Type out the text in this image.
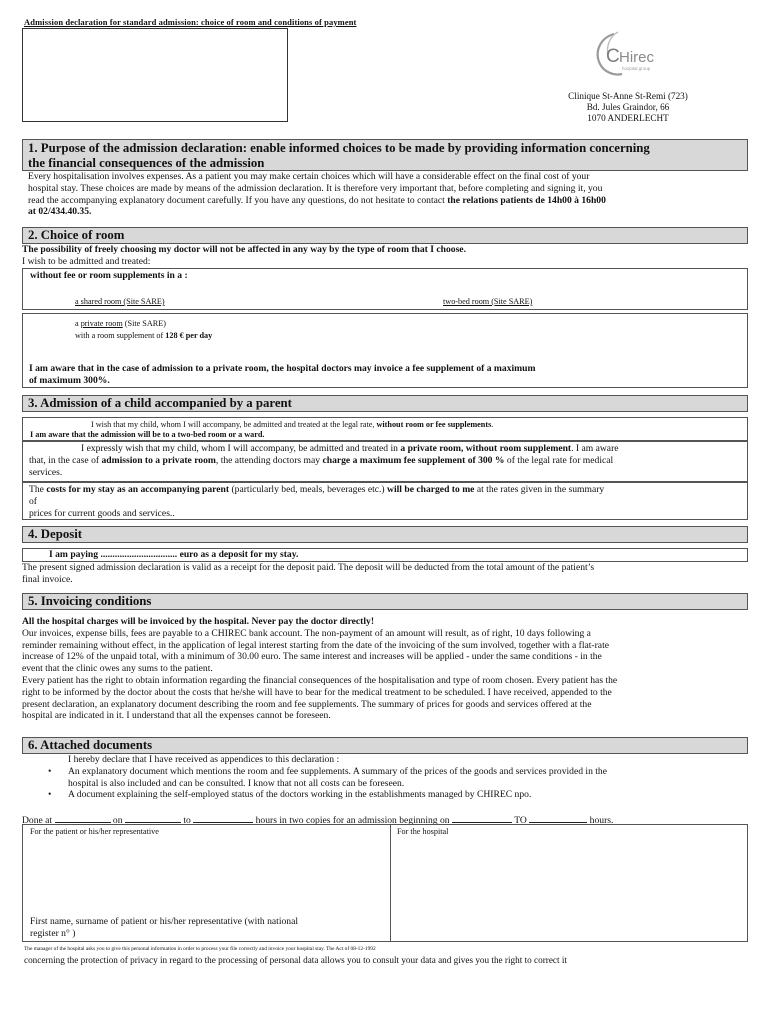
Admission declaration for standard admission: choice of room and conditions of payment
C Hirec
hospital group
Clinique St-Anne St-Remi (723)
Bd. Jules Graindor, 66
1070 ANDERLECHT
1. Purpose of the admission declaration: enable informed choices to be made by providing information concerning
the financial consequences of the admission
Every hospitalisation involves expenses. As a patient you may make certain choices which will have a considerable effect on the final cost of your
hospital stay. These choices are made by means of the admission declaration. It is therefore very important that, before completing and signing it, you
read the accompanying explanatory document carefully. If you have any questions, do not hesitate to contact the relations patients de 14h00 à 16h00
at 02/434.40.35.
2. Choice of room
The possibility of freely choosing my doctor will not be affected in any way by the type of room that I choose.
I wish to be admitted and treated:
without fee or room supplements in a :
a shared room (Site SARE)	two-bed room (Site SARE)
a private room (Site SARE)
with a room supplement of 128 € per day
I am aware that in the case of admission to a private room, the hospital doctors may invoice a fee supplement of a maximum
of maximum 300%.
3. Admission of a child accompanied by a parent
I wish that my child, whom I will accompany, be admitted and treated at the legal rate, without room or fee supplements.
I am aware that the admission will be to a two-bed room or a ward.
I expressly wish that my child, whom I will accompany, be admitted and treated in a private room, without room supplement. I am aware
that, in the case of admission to a private room, the attending doctors may charge a maximum fee supplement of 300 % of the legal rate for medical
services.
The costs for my stay as an accompanying parent (particularly bed, meals, beverages etc.) will be charged to me at the rates given in the summary
of
prices for current goods and services..
4. Deposit
I am paying ................................ euro as a deposit for my stay.
The present signed admission declaration is valid as a receipt for the deposit paid. The deposit will be deducted from the total amount of the patient’s
final invoice.
5. Invoicing conditions
All the hospital charges will be invoiced by the hospital. Never pay the doctor directly!
Our invoices, expense bills, fees are payable to a CHIREC bank account. The non-payment of an amount will result, as of right, 10 days following a
reminder remaining without effect, in the application of legal interest starting from the date of the invoicing of the sum involved, together with a flat-rate
increase of 12% of the unpaid total, with a minimum of 30.00 euro. The same interest and increases will be applied - under the same conditions - in the
event that the clinic owes any sums to the patient.
Every patient has the right to obtain information regarding the financial consequences of the hospitalisation and type of room chosen. Every patient has the
right to be informed by the doctor about the costs that he/she will have to bear for the medical treatment to be scheduled. I have received, appended to the
present declaration, an explanatory document describing the room and fee supplements. The summary of prices for goods and services offered at the
hospital are indicated in it. I understand that all the expenses cannot be foreseen.
6. Attached documents
I hereby declare that I have received as appendices to this declaration :
• An explanatory document which mentions the room and fee supplements. A summary of the prices of the goods and services provided in the
hospital is also included and can be consulted. I know that not all costs can be foreseen.
• A document explaining the self-employed status of the doctors working in the establishments managed by CHIREC npo.
Done at	on	to	hours in two copies for an admission beginning on	TO	hours.
For the patient or his/her representative
First name, surname of patient or his/her representative (with national
register n° )
For the hospital
The manager of the hospital asks you to give this personal information in order to process your file correctly and invoice your hospital stay. The Act of 08-12-1992
concerning the protection of privacy in regard to the processing of personal data allows you to consult your data and gives you the right to correct it
